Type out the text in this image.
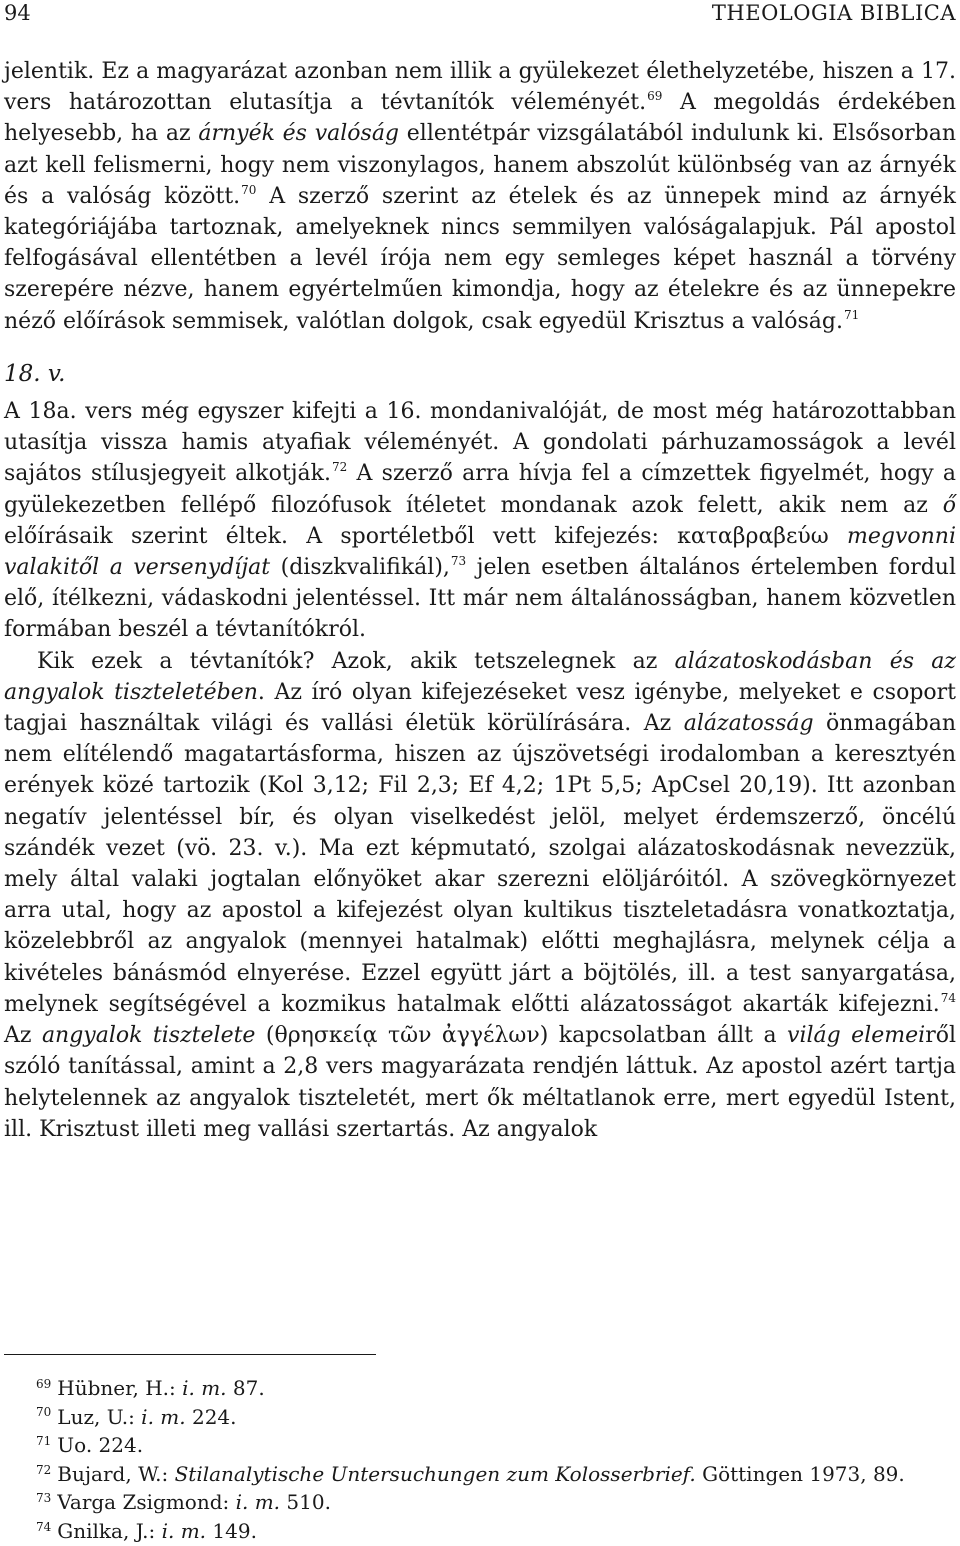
94	THEOLOGIA BIBLICA

jelentik. Ez a magyarázat azonban nem illik a gyülekezet élethelyzetébe, hiszen a 17. vers határozottan elutasítja a tévtanítók véleményét.$^{69}$ A megoldás érdekében helyesebb, ha az árnyék és valóság ellentétpár vizsgálatából indulunk ki. Elsősorban azt kell felismerni, hogy nem viszonylagos, hanem abszolút különbség van az árnyék és a valóság között.$^{70}$ A szerző szerint az ételek és az ünnepek mind az árnyék kategóriájába tartoznak, amelyeknek nincs semmilyen valóságalapjuk. Pál apostol felfogásával ellentétben a levél írója nem egy semleges képet használ a törvény szerepére nézve, hanem egyértelműen kimondja, hogy az ételekre és az ünnepekre néző előírások semmisek, valótlan dolgok, csak egyedül Krisztus a valóság.$^{71}$

18. v.

A 18a. vers még egyszer kifejti a 16. mondanivalóját, de most még határozottabban utasítja vissza hamis atyafiak véleményét. A gondolati párhuzamosságok a levél sajátos stílusjegyeit alkotják.$^{72}$ A szerző arra hívja fel a címzettek figyelmét, hogy a gyülekezetben fellépő filozófusok ítéletet mondanak azok felett, akik nem az ő előírásaik szerint éltek. A sportéletből vett kifejezés: καταβραβεύω megvonni valakitől a versenydíjat (diszkvalifikál),$^{73}$ jelen esetben általános értelemben fordul elő, ítélkezni, vádaskodni jelentéssel. Itt már nem általánosságban, hanem közvetlen formában beszél a tévtanítókról.

Kik ezek a tévtanítók? Azok, akik tetszelegnek az alázatoskodásban és az angyalok tiszteletében. Az író olyan kifejezéseket vesz igénybe, melyeket e csoport tagjai használtak világi és vallási életük körülírására. Az alázatosság önmagában nem elítélendő magatartásforma, hiszen az újszövetségi irodalomban a keresztyén erények közé tartozik (Kol 3,12; Fil 2,3; Ef 4,2; 1Pt 5,5; ApCsel 20,19). Itt azonban negatív jelentéssel bír, és olyan viselkedést jelöl, melyet érdemszerző, öncélú szándék vezet (vö. 23. v.). Ma ezt képmutató, szolgai alázatoskodásnak nevezzük, mely által valaki jogtalan előnyöket akar szerezni elöljáróitól. A szövegkörnyezet arra utal, hogy az apostol a kifejezést olyan kultikus tiszteletadásra vonatkoztatja, közelebbről az angyalok (mennyei hatalmak) előtti meghajlásra, melynek célja a kivételes bánásmód elnyerése. Ezzel együtt járt a böjtölés, ill. a test sanyargatása, melynek segítségével a kozmikus hatalmak előtti alázatosságot akarták kifejezni.$^{74}$ Az angyalok tisztelete (θρησκείᾳ τῶν ἀγγέλων) kapcsolatban állt a világ elemeiről szóló tanítással, amint a 2,8 vers magyarázata rendjén láttuk. Az apostol azért tartja helytelennek az angyalok tiszteletét, mert ők méltatlanok erre, mert egyedül Istent, ill. Krisztust illeti meg vallási szertartás. Az angyalok

$^{69}$ Hübner, H.: i. m. 87.

$^{70}$ Luz, U.: i. m. 224.

$^{71}$ Uo. 224.

$^{72}$ Bujard, W.: Stilanalytische Untersuchungen zum Kolosserbrief. Göttingen 1973, 89.

$^{73}$ Varga Zsigmond: i. m. 510.

$^{74}$ Gnilka, J.: i. m. 149.
